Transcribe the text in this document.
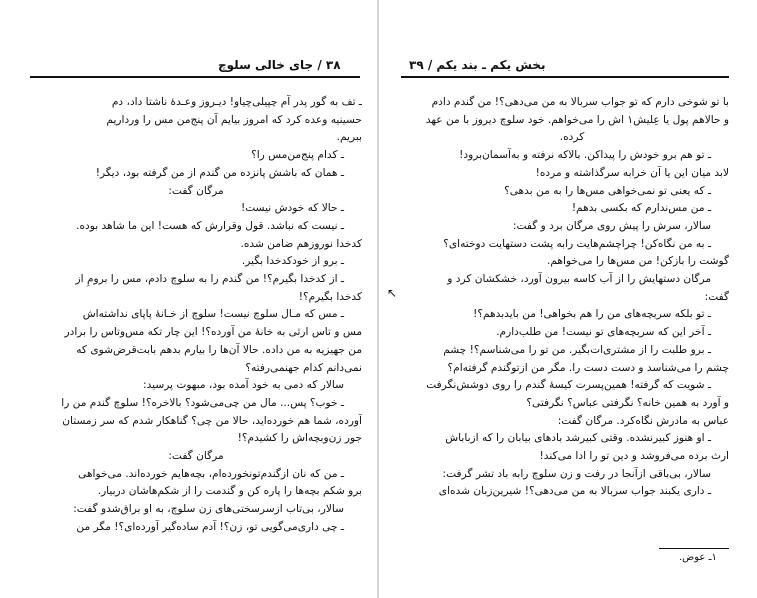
۳۸ / جای خالی سلوچ
ـ تف به گور پدر آم چپیلی‌چیاو! دیـروز وعـدهٔ ناشتا داد، دم
حسینیه وعده کرد که امروز بیایم آن پنج‌من مس را ورداریم
ببریم.
ـ کدام پنج‌من‌مس را؟
ـ همان که باشش پانزده من گندم از من گرفته بود، دیگر!
مرگان گفت:
ـ حالا که خودش نیست!
ـ نیست که نباشد. قول وقرارش که هست! این ما شاهد بوده.
کدخدا نوروزهم ضامن شده.
ـ برو از خودکدخدا بگیر.
ـ از کدخدا بگیرم؟! من گندم را به سلوچ دادم، مس را برومِ از
کدخدا بگیرم؟!
ـ مس که مـال سلوچ نیست! سلوچ از خـانهٔ پاپای نداشته‌اش
مس و تاس ارثی به خانهٔ من آورده؟! این چار تکه مس‌وتاس را برادر
من جهیزیه به من داده. حالا آن‌ها را بیارم بدهم بابت‌قرض‌شوی که
نمی‌دانم کدام جهنمی‌رفته؟
سالار که دمی به خود آمده بود، مبهوت پرسید:
ـ خوب؟ پس... مال من چی‌می‌شود؟ بالاخره؟! سلوچ گندم من را
آورده، شما هم خورده‌اید، حالا من چی؟ گناهکار شدم که سر زمستان
جور زن‌وبچه‌اش را کشیدم؟!
مرگان گفت:
ـ من که نان ازگندم‌تونخورده‌ام، بچه‌هایم خورده‌اند. می‌خواهی
برو شکم بچه‌ها را پاره کن و گندمت را از شکم‌هاشان دربیار.
سالار، بی‌تاب ازسرسختی‌های زن سلوچ، به او براق‌شدو گفت:
ـ چی داری‌می‌گویی تو، زن؟! آدم ساده‌گیر آورده‌ای؟! مگر من
بخش یکم ـ بند یکم / ۳۹
↖
با تو شوخی دارم که تو جواب سربالا به من می‌دهی؟! من گندم دادم
و حالاهم پول یا عِلیش۱ اش را می‌خواهم. خود سلوچ دیروز با من عهد
کرده.
ـ تو هم برو خودش را پیداکن. بالاکه نرفته و به‌آسمان‌برود!
لابد میان این یا آن خرابه سرگذاشته و مرده!
ـ که یعنی تو نمی‌خواهی مس‌ها را به من بدهی؟
ـ من مس‌ندارم که بکسی بدهم!
سالار، سرش را پیش روی مرگان برد و گفت:
ـ به من نگاه‌کن! چراچشم‌هایت رابه پشت دستهایت دوخته‌ای؟
گوشت را بازکن! من مس‌ها را می‌خواهم.
مرگان دستهایش را از آب کاسه بیرون آورد، خشکشان کرد و
گفت:
ـ تو بلکه سربچه‌های من را هم بخواهی! من بایدبدهم؟!
ـ آخر این که سربچه‌های تو نیست! من طلب‌دارم.
ـ برو طلبت را از مشتری‌ات‌بگیر. من تو را می‌شناسم؟! چشم
چشم را می‌شناسد و دست دست را. مگر من ازتوگندم گرفته‌ام؟
ـ شویت که گرفته! همین‌پسرت کیسهٔ گندم را روی دوشش‌نگرفت
و آورد به همین خانه؟ نگرفتی عباس؟ نگرفتی؟
عباس به مادرش نگاه‌کرد. مرگان گفت:
ـ او هنوز کبیرنشده. وقتی کبیرشد بادهای بیابان را که ازباباش
ارث برده می‌فروشد و دین تو را ادا می‌کند!
سالار، بی‌باقی ازآنجا در رفت و زن سلوچ رابه باد تشر گرفت:
ـ داری یکبند جواب سربالا به من می‌دهی؟! شیرین‌زبان شده‌ای
۱ـ عوض.
